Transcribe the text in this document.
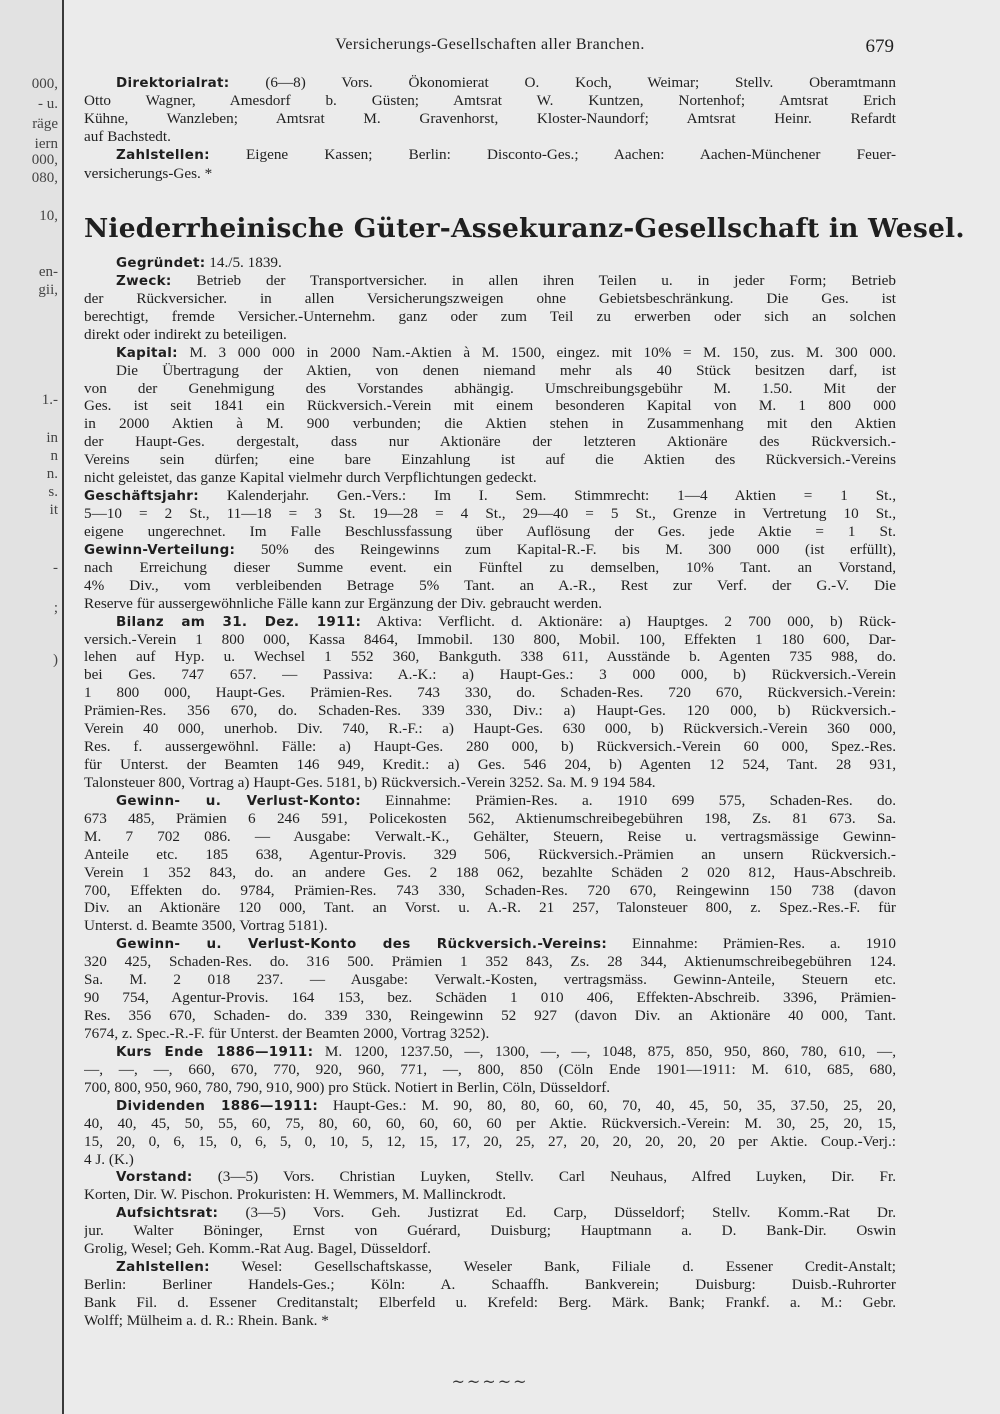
000,
- u.
räge
iern
000,
080,
10,
en-
gii,
1.-
in
n
n.
s.
it
-
;
)
Versicherungs-Gesellschaften aller Branchen.	679
Direktorialrat: (6—8) Vors. Ökonomierat O. Koch, Weimar; Stellv. Oberamtmann
Otto Wagner, Amesdorf b. Güsten; Amtsrat W. Kuntzen, Nortenhof; Amtsrat Erich
Kühne, Wanzleben; Amtsrat M. Gravenhorst, Kloster-Naundorf; Amtsrat Heinr. Refardt
auf Bachstedt.
Zahlstellen: Eigene Kassen; Berlin: Disconto-Ges.; Aachen: Aachen-Münchener Feuer-
versicherungs-Ges. *
Niederrheinische Güter-Assekuranz-Gesellschaft in Wesel.
Gegründet: 14./5. 1839.
Zweck: Betrieb der Transportversicher. in allen ihren Teilen u. in jeder Form; Betrieb
der Rückversicher. in allen Versicherungszweigen ohne Gebietsbeschränkung. Die Ges. ist
berechtigt, fremde Versicher.-Unternehm. ganz oder zum Teil zu erwerben oder sich an solchen
direkt oder indirekt zu beteiligen.
Kapital: M. 3 000 000 in 2000 Nam.-Aktien à M. 1500, eingez. mit 10% = M. 150, zus. M. 300 000.
Die Übertragung der Aktien, von denen niemand mehr als 40 Stück besitzen darf, ist
von der Genehmigung des Vorstandes abhängig. Umschreibungsgebühr M. 1.50. Mit der
Ges. ist seit 1841 ein Rückversich.-Verein mit einem besonderen Kapital von M. 1 800 000
in 2000 Aktien à M. 900 verbunden; die Aktien stehen in Zusammenhang mit den Aktien
der Haupt-Ges. dergestalt, dass nur Aktionäre der letzteren Aktionäre des Rückversich.-
Vereins sein dürfen; eine bare Einzahlung ist auf die Aktien des Rückversich.-Vereins
nicht geleistet, das ganze Kapital vielmehr durch Verpflichtungen gedeckt.
Geschäftsjahr: Kalenderjahr. Gen.-Vers.: Im I. Sem. Stimmrecht: 1—4 Aktien = 1 St.,
5—10 = 2 St., 11—18 = 3 St. 19—28 = 4 St., 29—40 = 5 St., Grenze in Vertretung 10 St.,
eigene ungerechnet. Im Falle Beschlussfassung über Auflösung der Ges. jede Aktie = 1 St.
Gewinn-Verteilung: 50% des Reingewinns zum Kapital-R.-F. bis M. 300 000 (ist erfüllt),
nach Erreichung dieser Summe event. ein Fünftel zu demselben, 10% Tant. an Vorstand,
4% Div., vom verbleibenden Betrage 5% Tant. an A.-R., Rest zur Verf. der G.-V. Die
Reserve für aussergewöhnliche Fälle kann zur Ergänzung der Div. gebraucht werden.
Bilanz am 31. Dez. 1911: Aktiva: Verflicht. d. Aktionäre: a) Hauptges. 2 700 000, b) Rück-
versich.-Verein 1 800 000, Kassa 8464, Immobil. 130 800, Mobil. 100, Effekten 1 180 600, Dar-
lehen auf Hyp. u. Wechsel 1 552 360, Bankguth. 338 611, Ausstände b. Agenten 735 988, do.
bei Ges. 747 657. — Passiva: A.-K.: a) Haupt-Ges.: 3 000 000, b) Rückversich.-Verein
1 800 000, Haupt-Ges. Prämien-Res. 743 330, do. Schaden-Res. 720 670, Rückversich.-Verein:
Prämien-Res. 356 670, do. Schaden-Res. 339 330, Div.: a) Haupt-Ges. 120 000, b) Rückversich.-
Verein 40 000, unerhob. Div. 740, R.-F.: a) Haupt-Ges. 630 000, b) Rückversich.-Verein 360 000,
Res. f. aussergewöhnl. Fälle: a) Haupt-Ges. 280 000, b) Rückversich.-Verein 60 000, Spez.-Res.
für Unterst. der Beamten 146 949, Kredit.: a) Ges. 546 204, b) Agenten 12 524, Tant. 28 931,
Talonsteuer 800, Vortrag a) Haupt-Ges. 5181, b) Rückversich.-Verein 3252. Sa. M. 9 194 584.
Gewinn- u. Verlust-Konto: Einnahme: Prämien-Res. a. 1910 699 575, Schaden-Res. do.
673 485, Prämien 6 246 591, Policekosten 562, Aktienumschreibegebühren 198, Zs. 81 673. Sa.
M. 7 702 086. — Ausgabe: Verwalt.-K., Gehälter, Steuern, Reise u. vertragsmässige Gewinn-
Anteile etc. 185 638, Agentur-Provis. 329 506, Rückversich.-Prämien an unsern Rückversich.-
Verein 1 352 843, do. an andere Ges. 2 188 062, bezahlte Schäden 2 020 812, Haus-Abschreib.
700, Effekten do. 9784, Prämien-Res. 743 330, Schaden-Res. 720 670, Reingewinn 150 738 (davon
Div. an Aktionäre 120 000, Tant. an Vorst. u. A.-R. 21 257, Talonsteuer 800, z. Spez.-Res.-F. für
Unterst. d. Beamte 3500, Vortrag 5181).
Gewinn- u. Verlust-Konto des Rückversich.-Vereins: Einnahme: Prämien-Res. a. 1910
320 425, Schaden-Res. do. 316 500. Prämien 1 352 843, Zs. 28 344, Aktienumschreibegebühren 124.
Sa. M. 2 018 237. — Ausgabe: Verwalt.-Kosten, vertragsmäss. Gewinn-Anteile, Steuern etc.
90 754, Agentur-Provis. 164 153, bez. Schäden 1 010 406, Effekten-Abschreib. 3396, Prämien-
Res. 356 670, Schaden- do. 339 330, Reingewinn 52 927 (davon Div. an Aktionäre 40 000, Tant.
7674, z. Spec.-R.-F. für Unterst. der Beamten 2000, Vortrag 3252).
Kurs Ende 1886—1911: M. 1200, 1237.50, —, 1300, —, —, 1048, 875, 850, 950, 860, 780, 610, —,
—, —, —, 660, 670, 770, 920, 960, 771, —, 800, 850 (Cöln Ende 1901—1911: M. 610, 685, 680,
700, 800, 950, 960, 780, 790, 910, 900) pro Stück. Notiert in Berlin, Cöln, Düsseldorf.
Dividenden 1886—1911: Haupt-Ges.: M. 90, 80, 80, 60, 60, 70, 40, 45, 50, 35, 37.50, 25, 20,
40, 40, 45, 50, 55, 60, 75, 80, 60, 60, 60, 60, 60 per Aktie. Rückversich.-Verein: M. 30, 25, 20, 15,
15, 20, 0, 6, 15, 0, 6, 5, 0, 10, 5, 12, 15, 17, 20, 25, 27, 20, 20, 20, 20, 20 per Aktie. Coup.-Verj.:
4 J. (K.)
Vorstand: (3—5) Vors. Christian Luyken, Stellv. Carl Neuhaus, Alfred Luyken, Dir. Fr.
Korten, Dir. W. Pischon. Prokuristen: H. Wemmers, M. Mallinckrodt.
Aufsichtsrat: (3—5) Vors. Geh. Justizrat Ed. Carp, Düsseldorf; Stellv. Komm.-Rat Dr.
jur. Walter Böninger, Ernst von Guérard, Duisburg; Hauptmann a. D. Bank-Dir. Oswin
Grolig, Wesel; Geh. Komm.-Rat Aug. Bagel, Düsseldorf.
Zahlstellen: Wesel: Gesellschaftskasse, Weseler Bank, Filiale d. Essener Credit-Anstalt;
Berlin: Berliner Handels-Ges.; Köln: A. Schaaffh. Bankverein; Duisburg: Duisb.-Ruhrorter
Bank Fil. d. Essener Creditanstalt; Elberfeld u. Krefeld: Berg. Märk. Bank; Frankf. a. M.: Gebr.
Wolff; Mülheim a. d. R.: Rhein. Bank. *
~~~~~
